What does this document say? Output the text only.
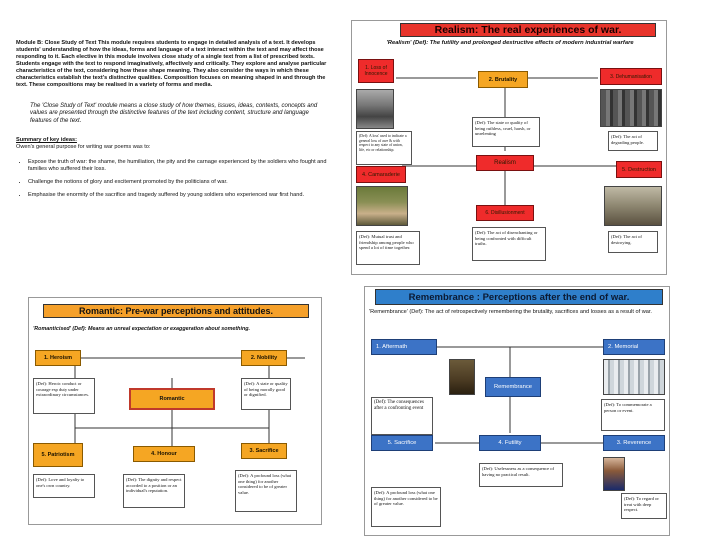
Module B: Close Study of Text This module requires students to engage in detailed analysis of a text. It develops students' understanding of how the ideas, forms and language of a text interact within the text and may affect those responding to it. Each elective in this module involves close study of a single text from a list of prescribed texts. Students engage with the text to respond imaginatively, affectively and critically. They explore and analyse particular characteristics of the text, considering how these shape meaning. They also consider the ways in which these characteristics establish the text's distinctive qualities. Composition focuses on meaning shaped in and through the text. These compositions may be realised in a variety of forms and media.
The 'Close Study of Text' module means a close study of how themes, issues, ideas, contexts, concepts and values are presented through the distinctive features of the text including content, structure and language features of the text.
Summary of key ideas:
Owen's general purpose for writing war poems was to:
• Expose the truth of war: the shame, the humiliation, the pity and the carnage experienced by the soldiers who fought and families who suffered their loss.
• Challenge the notions of glory and excitement promoted by the politicians of war.
• Emphasise the enormity of the sacrifice and tragedy suffered by young soldiers who experienced war first hand.
Realism: The real experiences of war.
'Realism' (Def): The futility and prolonged destructive effects of modern industrial warfare
1. Loss of Innocence
2. Brutality	3. Dehumanisation
(Def): A loss' used to indicate a general loss of awe & with respect to any state of union, life, etc or relationship.
(Def): The state or quality of being ruthless, cruel, harsh, or unrelenting
(Def): The act of degrading people.
Realism
4. Camaraderie
5. Destruction
6. Disillusionment
(Def): Mutual trust and friendship among people who spend a lot of time together.
(Def): The act of disenchanting or being confronted with difficult truths.
(Def): The act of destroying.
Romantic: Pre-war perceptions and attitudes.
'Romanticised' (Def): Means an unreal expectation or exaggeration about something.
1. Heroism	2. Nobility
(Def): Heroic conduct or courage esp duty under extraordinary circumstances.
(Def): A state or quality of being morally good or dignified.
Romantic
5. Patriotism	4. Honour	3. Sacrifice
(Def): Love and loyalty to one's own country.
(Def): The dignity and respect accorded to a position or an individual's reputation.
(Def): A profound loss (what one thing) for another considered to be of greater value.
Remembrance : Perceptions after the end of war.
'Remembrance' (Def): The act of retrospectively remembering the brutality, sacrifices and losses as a result of war.
1. Aftermath	2. Memorial
Remembrance
(Def): The consequences after a confronting event
(Def): To commemorate a person or event.
5. Sacrifice	4. Futility	3. Reverence
(Def): Uselessness as a consequence of having no practical result.
(Def): A profound loss (what one thing) for another considered to be of greater value.
(Def): To regard or treat with deep respect.
